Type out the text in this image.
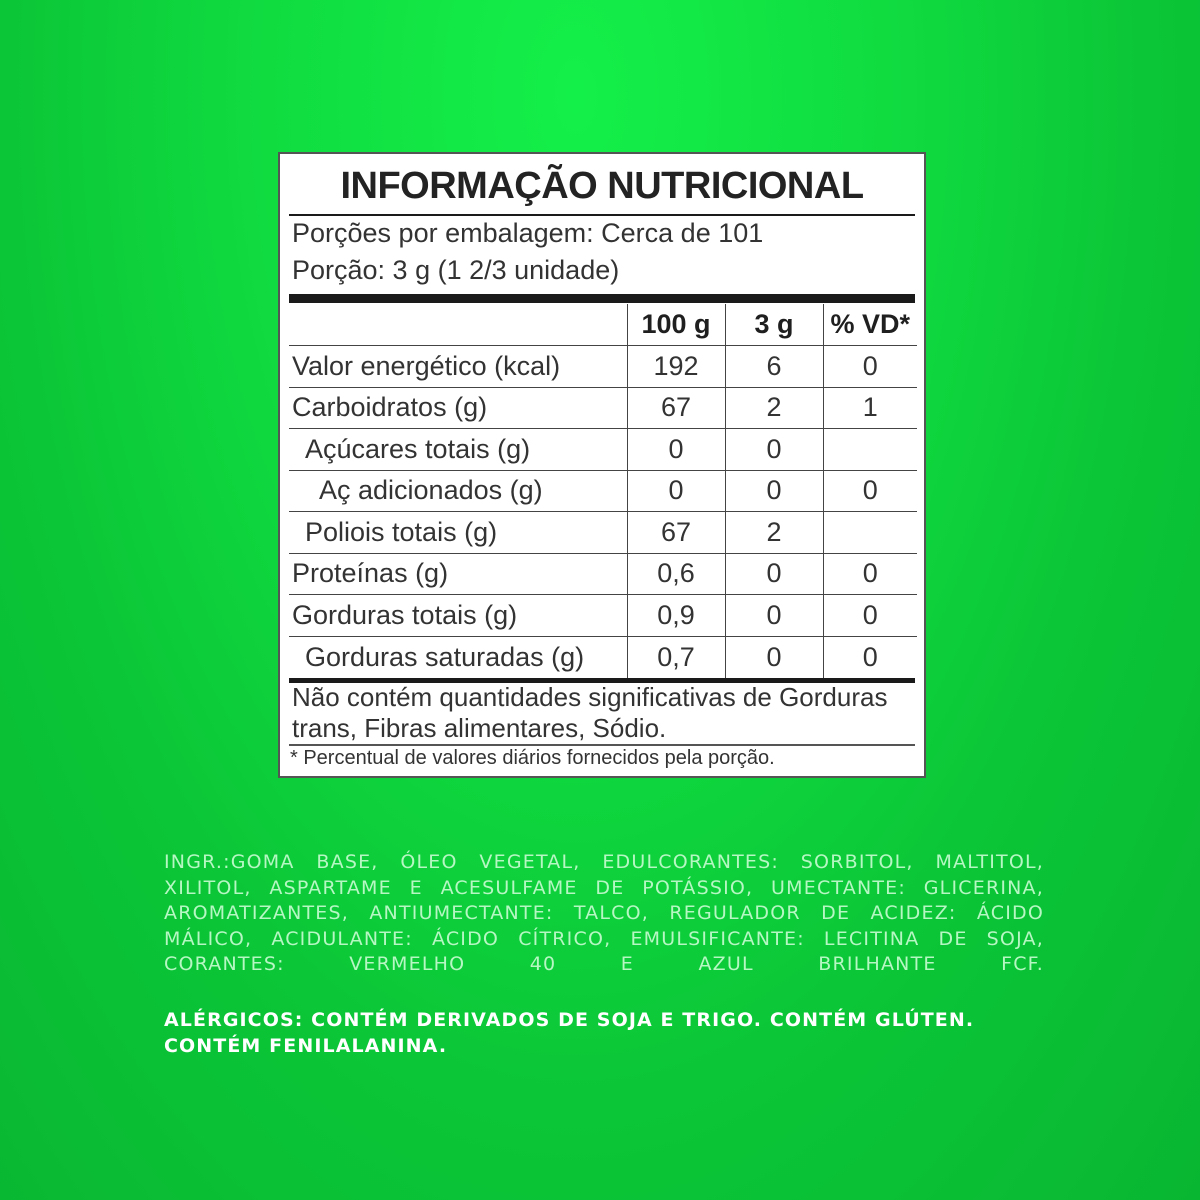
INFORMAÇÃO NUTRICIONAL
Porções por embalagem: Cerca de 101
Porção: 3 g (1 2/3 unidade)
	100 g	3 g	% VD*
Valor energético (kcal)	192	6	0
Carboidratos (g)	67	2	1
Açúcares totais (g)	0	0	
Aç adicionados (g)	0	0	0
Poliois totais (g)	67	2	
Proteínas (g)	0,6	0	0
Gorduras totais (g)	0,9	0	0
Gorduras saturadas (g)	0,7	0	0
Não contém quantidades significativas de Gorduras trans, Fibras alimentares, Sódio.
* Percentual de valores diários fornecidos pela porção.
INGR.:GOMA BASE, ÓLEO VEGETAL, EDULCORANTES: SORBITOL, MALTITOL, XILITOL, ASPARTAME E ACESULFAME DE POTÁSSIO, UMECTANTE: GLICERINA, AROMATIZANTES, ANTIUMECTANTE: TALCO, REGULADOR DE ACIDEZ: ÁCIDO MÁLICO, ACIDULANTE: ÁCIDO CÍTRICO, EMULSIFICANTE: LECITINA DE SOJA, CORANTES: VERMELHO 40 E AZUL BRILHANTE FCF.
ALÉRGICOS: CONTÉM DERIVADOS DE SOJA E TRIGO. CONTÉM GLÚTEN. CONTÉM FENILALANINA.
